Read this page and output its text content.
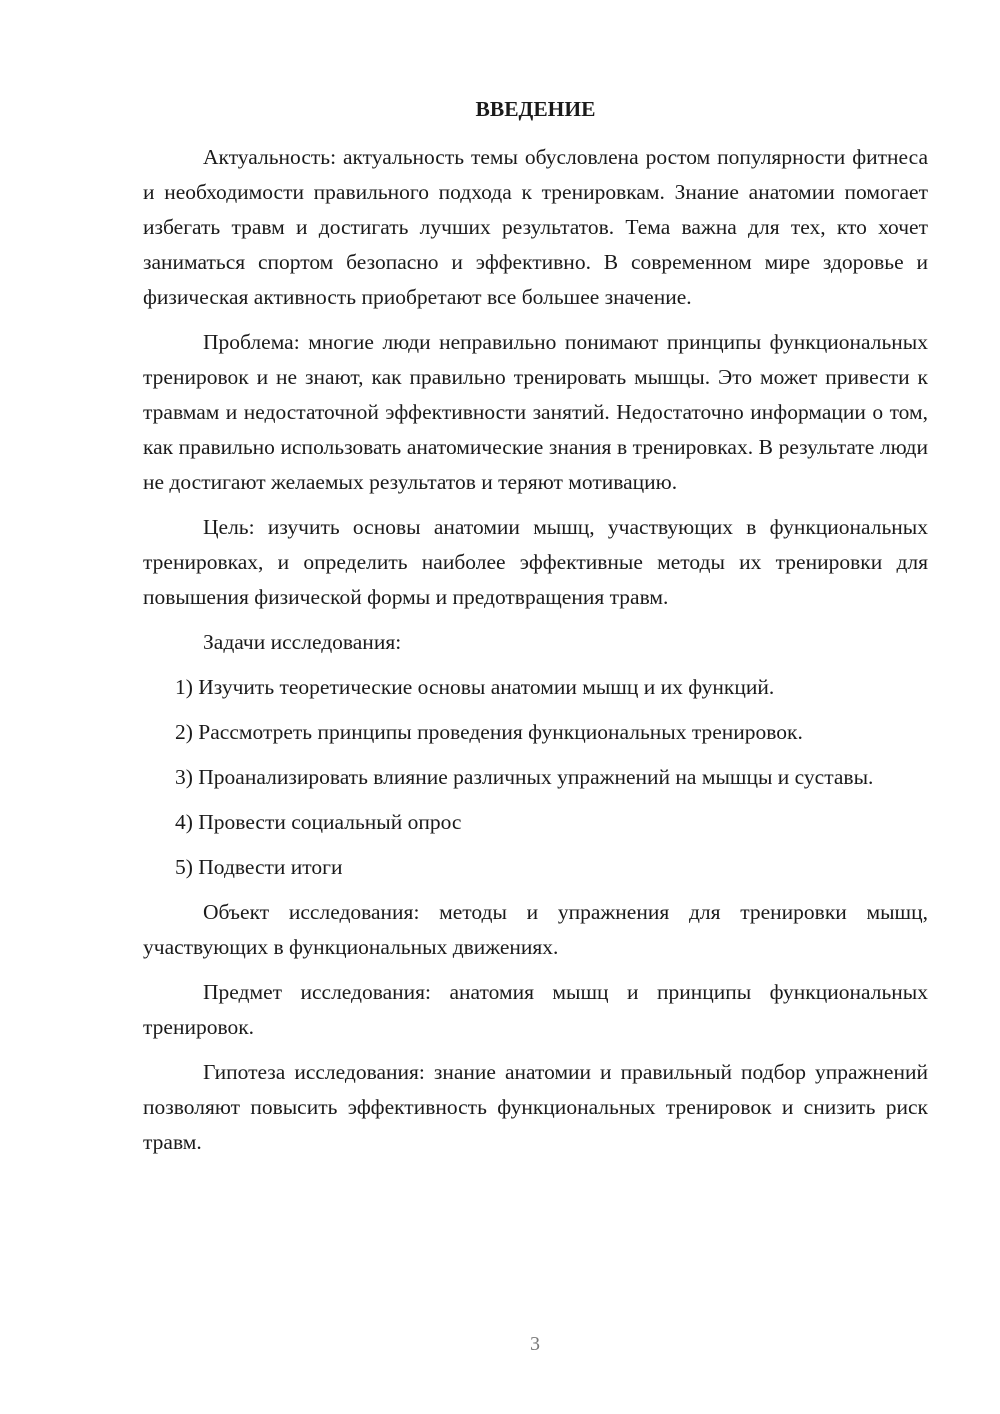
ВВЕДЕНИЕ

Актуальность: актуальность темы обусловлена ростом популярности фитнеса и необходимости правильного подхода к тренировкам. Знание анатомии помогает избегать травм и достигать лучших результатов. Тема важна для тех, кто хочет заниматься спортом безопасно и эффективно. В современном мире здоровье и физическая активность приобретают все большее значение.

Проблема: многие люди неправильно понимают принципы функциональных тренировок и не знают, как правильно тренировать мышцы. Это может привести к травмам и недостаточной эффективности занятий. Недостаточно информации о том, как правильно использовать анатомические знания в тренировках. В результате люди не достигают желаемых результатов и теряют мотивацию.

Цель: изучить основы анатомии мышц, участвующих в функциональных тренировках, и определить наиболее эффективные методы их тренировки для повышения физической формы и предотвращения травм.

Задачи исследования:

1) Изучить теоретические основы анатомии мышц и их функций.

2) Рассмотреть принципы проведения функциональных тренировок.

3) Проанализировать влияние различных упражнений на мышцы и суставы.

4) Провести социальный опрос

5) Подвести итоги

Объект исследования: методы и упражнения для тренировки мышц, участвующих в функциональных движениях.

Предмет исследования: анатомия мышц и принципы функциональных тренировок.

Гипотеза исследования: знание анатомии и правильный подбор упражнений позволяют повысить эффективность функциональных тренировок и снизить риск травм.

3
